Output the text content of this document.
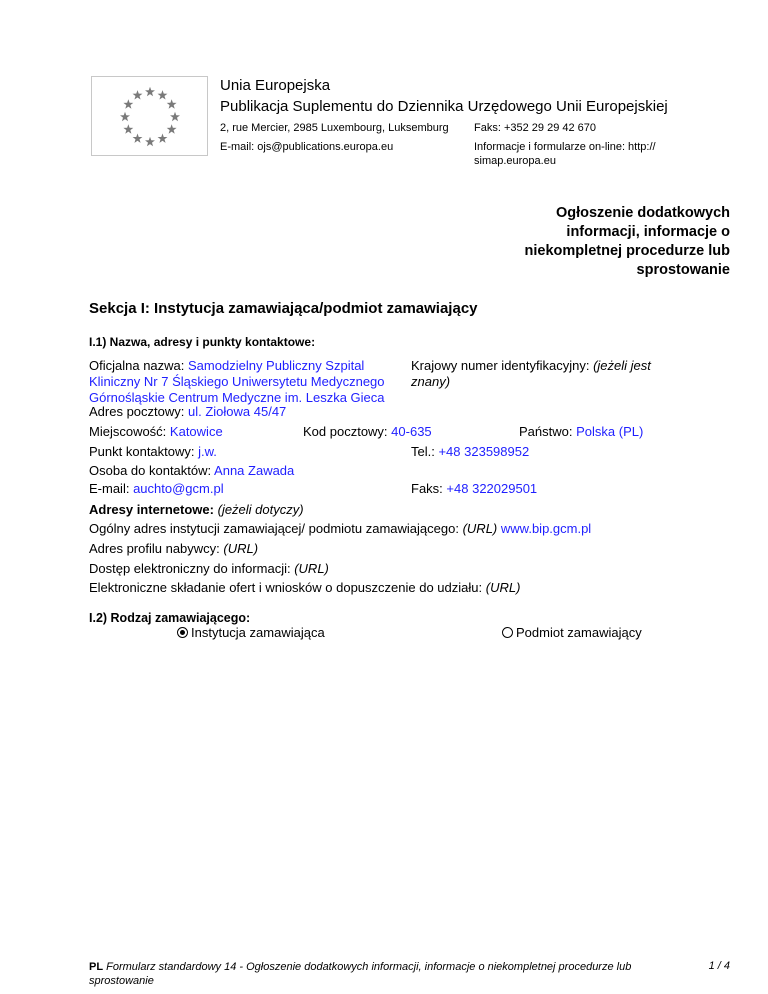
Unia Europejska
Publikacja Suplementu do Dziennika Urzędowego Unii Europejskiej
2, rue Mercier, 2985 Luxembourg, Luksemburg Faks: +352 29 29 42 670
E-mail: ojs@publications.europa.eu	Informacje i formularze on-line: http://
simap.europa.eu
Ogłoszenie dodatkowych
informacji, informacje o
niekompletnej procedurze lub
sprostowanie
Sekcja I: Instytucja zamawiająca/podmiot zamawiający
I.1) Nazwa, adresy i punkty kontaktowe:
Oficjalna nazwa: Samodzielny Publiczny Szpital
Kliniczny Nr 7 Śląskiego Uniwersytetu Medycznego
Górnośląskie Centrum Medyczne im. Leszka Gieca
Krajowy numer identyfikacyjny: (jeżeli jest
znany)
Adres pocztowy: ul. Ziołowa 45/47
Miejscowość: Katowice	Kod pocztowy: 40-635	Państwo: Polska (PL)
Punkt kontaktowy: j.w.	Tel.: +48 323598952
Osoba do kontaktów: Anna Zawada
E-mail: auchto@gcm.pl	Faks: +48 322029501
Adresy internetowe: (jeżeli dotyczy)
Ogólny adres instytucji zamawiającej/ podmiotu zamawiającego: (URL) www.bip.gcm.pl
Adres profilu nabywcy: (URL)
Dostęp elektroniczny do informacji: (URL)
Elektroniczne składanie ofert i wniosków o dopuszczenie do udziału: (URL)
I.2) Rodzaj zamawiającego:
Instytucja zamawiająca	Podmiot zamawiający
PL Formularz standardowy 14 - Ogłoszenie dodatkowych informacji, informacje o niekompletnej procedurze lub
sprostowanie
1 / 4
